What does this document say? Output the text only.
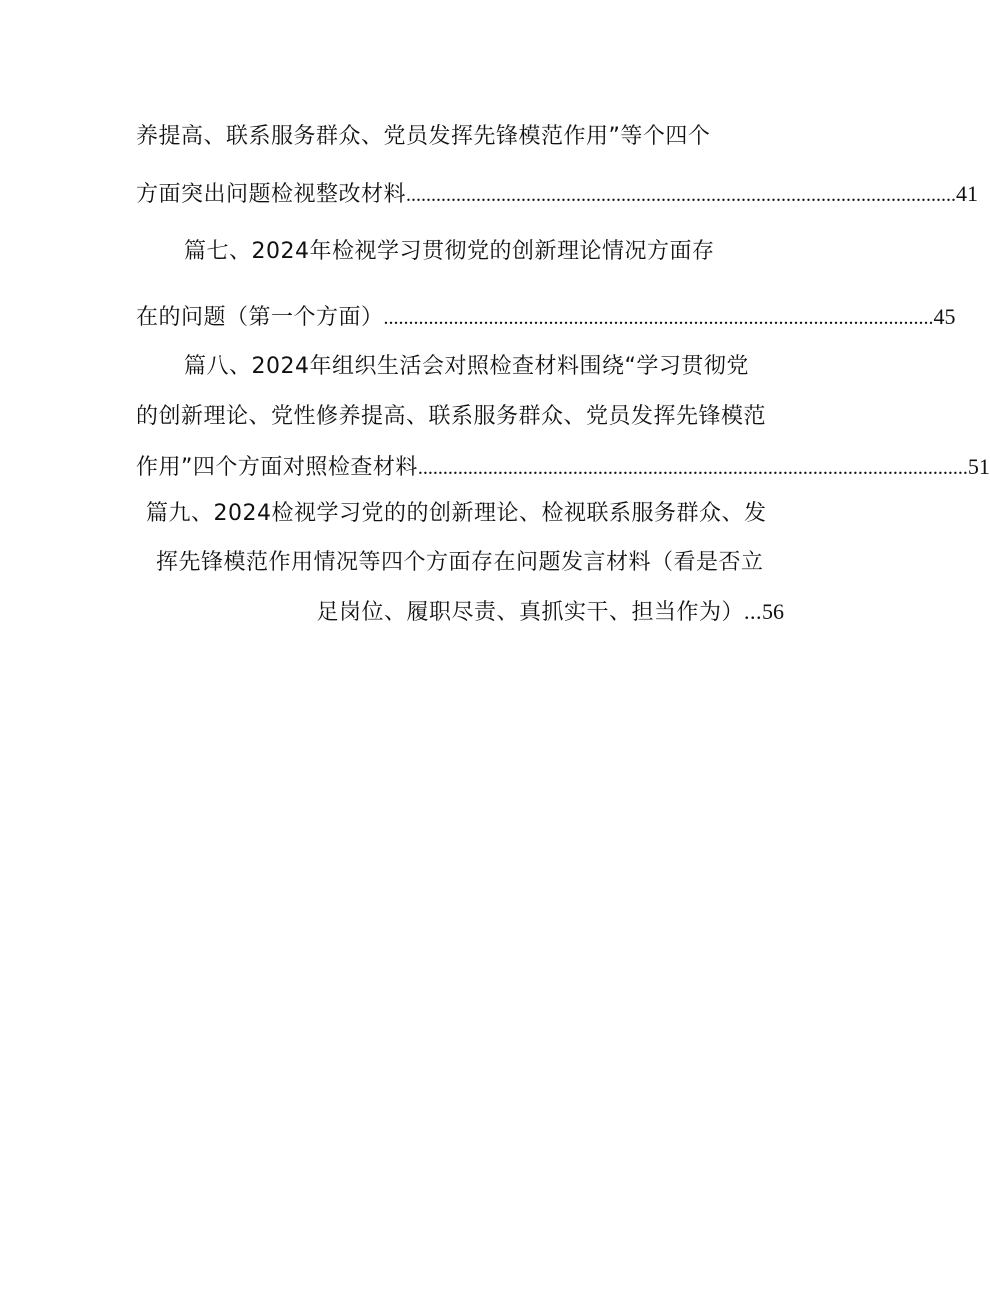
养提高、联系服务群众、党员发挥先锋模范作用”等个四个
方面突出问题检视整改材料 .............................................................................................................. 41
篇七、2024年检视学习贯彻党的创新理论情况方面存
在的问题（第一个方面） .............................................................................................................. 45
篇八、2024年组织生活会对照检查材料围绕“学习贯彻党
的创新理论、党性修养提高、联系服务群众、党员发挥先锋模范
作用”四个方面对照检查材料 .............................................................................................................. 51
篇九、2024检视学习党的的创新理论、检视联系服务群众、发
挥先锋模范作用情况等四个方面存在问题发言材料（看是否立
足岗位、履职尽责、真抓实干、担当作为） ... 56
